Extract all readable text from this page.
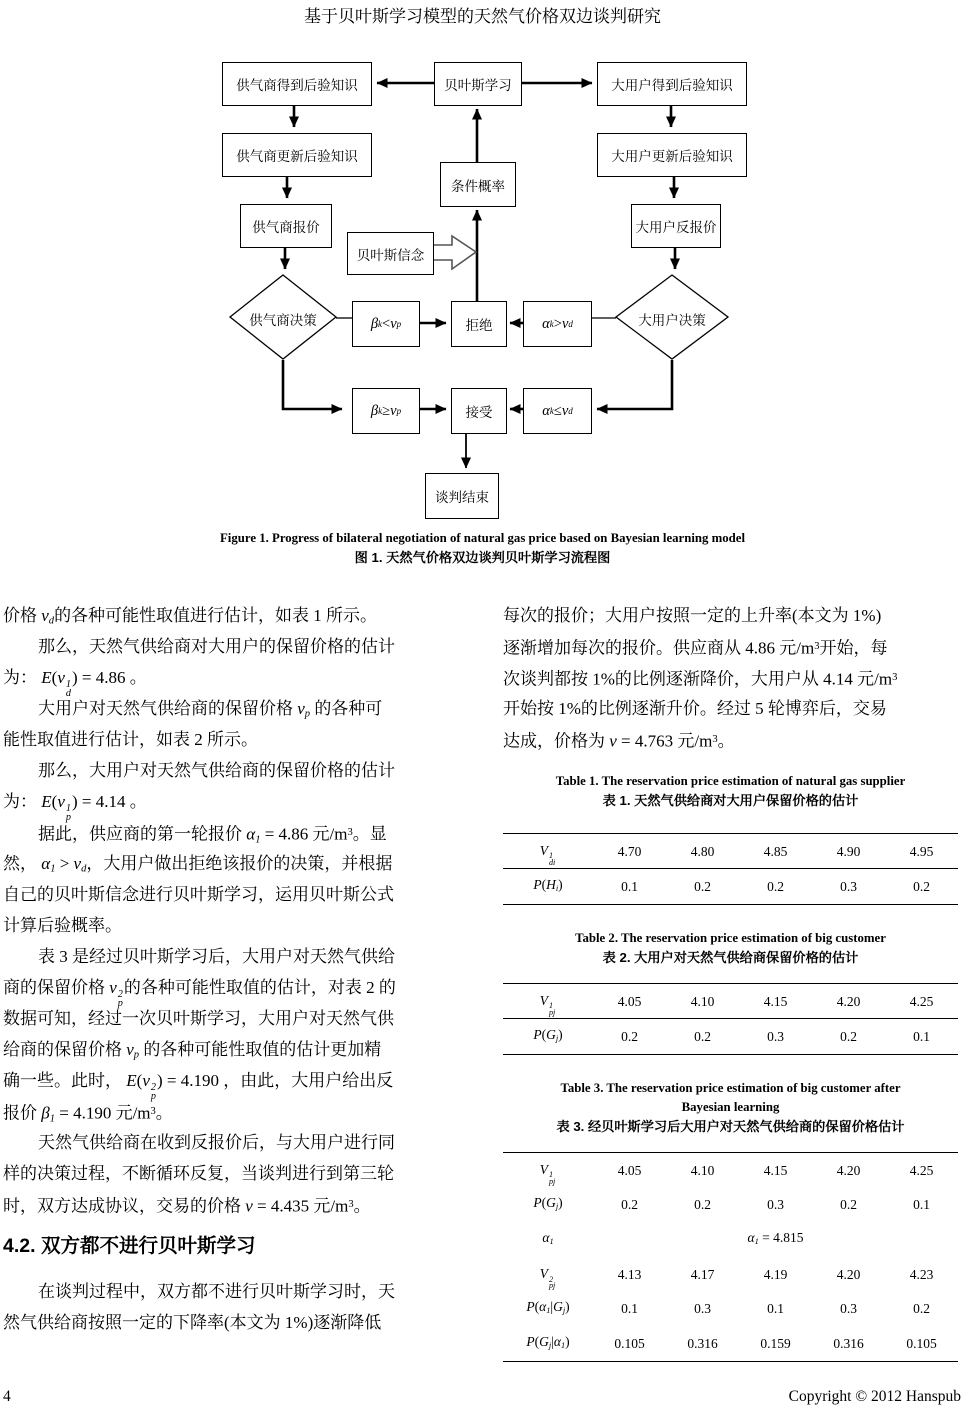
基于贝叶斯学习模型的天然气价格双边谈判研究
供气商得到后验知识	贝叶斯学习	大用户得到后验知识
供气商更新后验知识	大用户更新后验知识
条件概率
供气商报价	大用户反报价
贝叶斯信念
β k < v p	拒绝	α k > v d
β k ≥ v p	接受	α k ≤ v d
谈判结束
供气商决策	大用户决策
Figure 1. Progress of bilateral negotiation of natural gas price based on Bayesian learning model
图 1. 天然气价格双边谈判贝叶斯学习流程图
价格 vd的各种可能性取值进行估计，如表 1 所示。
那么，天然气供给商对大用户的保留价格的估计
为： E(v 1
d
) = 4.86 。
大用户对天然气供给商的保留价格 vp 的各种可
能性取值进行估计，如表 2 所示。
那么，大用户对天然气供给商的保留价格的估计
为： E(v 1
p
) = 4.14 。
据此，供应商的第一轮报价 α1 = 4.86 元$/m^3$。显
然， α1 > vd，大用户做出拒绝该报价的决策，并根据
自己的贝叶斯信念进行贝叶斯学习，运用贝叶斯公式
计算后验概率。
表 3 是经过贝叶斯学习后，大用户对天然气供给
商的保留价格 v 2
p
的各种可能性取值的估计，对表 2 的
数据可知，经过一次贝叶斯学习，大用户对天然气供
给商的保留价格 vp 的各种可能性取值的估计更加精
确一些。此时， E(v 2
p
) = 4.190 ，由此，大用户给出反
报价 β1 = 4.190 元$/m^3$。
天然气供给商在收到反报价后，与大用户进行同
样的决策过程，不断循环反复，当谈判进行到第三轮
时，双方达成协议，交易的价格 v = 4.435 元$/m^3$。
4.2. 双方都不进行贝叶斯学习
在谈判过程中，双方都不进行贝叶斯学习时，天
然气供给商按照一定的下降率(本文为 1%)逐渐降低
每次的报价；大用户按照一定的上升率(本文为 1%)
逐渐增加每次的报价。供应商从 4.86 元$/m^3$开始，每
次谈判都按 1%的比例逐渐降价，大用户从 4.14 元$/m^3$
开始按 1%的比例逐渐升价。经过 5 轮博弈后，交易
达成，价格为 v = 4.763 元$/m^3$。
Table 1. The reservation price estimation of natural gas supplier
表 1. 天然气供给商对大用户保留价格的估计
V 1
di	4.70	4.80	4.85	4.90	4.95
P(Hi)	0.1	0.2	0.2	0.3	0.2
Table 2. The reservation price estimation of big customer
表 2. 大用户对天然气供给商保留价格的估计
V 1
pj	4.05	4.10	4.15	4.20	4.25
P(Gj)	0.2	0.2	0.3	0.2	0.1
Table 3. The reservation price estimation of big customer after
Bayesian learning
表 3. 经贝叶斯学习后大用户对天然气供给商的保留价格估计
V 1
pj	4.05	4.10	4.15	4.20	4.25
P(Gj)	0.2	0.2	0.3	0.2	0.1
α1	α1 = 4.815				
V 2
pj	4.13	4.17	4.19	4.20	4.23
P(α1|Gj)	0.1	0.3	0.1	0.3	0.2
P(Gj|α1)	0.105	0.316	0.159	0.316	0.105
4	Copyright © 2012 Hanspub
